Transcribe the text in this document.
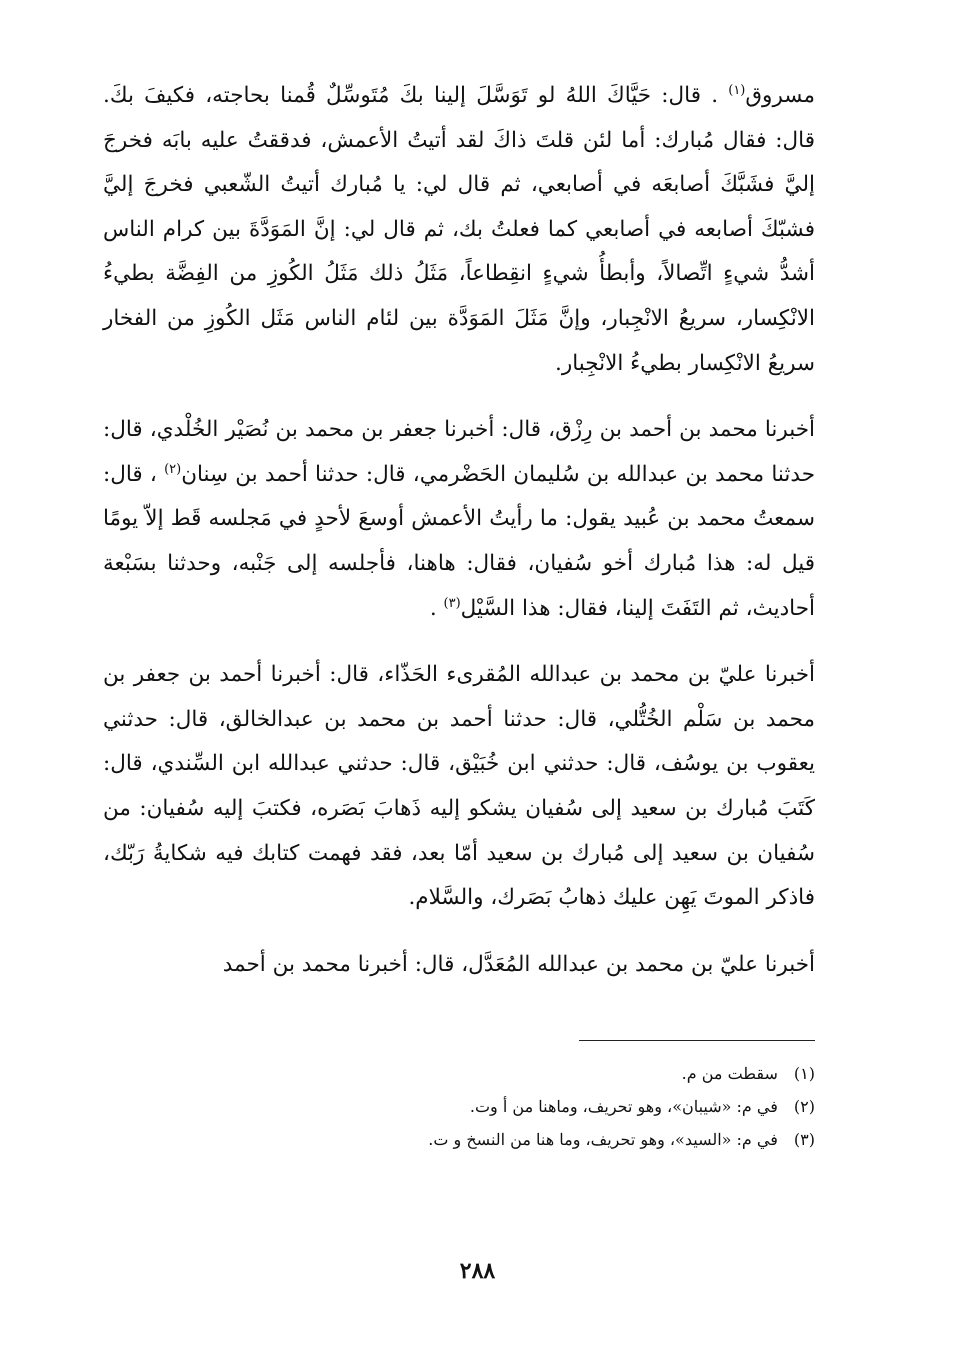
مسروق$^{(١)}$ . قال: حَيَّاكَ اللهُ لو تَوَسَّلَ إلينا بكَ مُتَوسِّلٌ قُمنا بحاجته، فكيفَ بكَ. قال: فقال مُبارك: أما لئن قلتَ ذاكَ لقد أتيتُ الأعمش، فدققتُ عليه بابَه فخرجَ إليَّ فشَبَّكَ أصابعَه في أصابعي، ثم قال لي: يا مُبارك أتيتُ الشّعبي فخرجَ إليَّ فشبّكَ أصابعه في أصابعي كما فعلتُ بك، ثم قال لي: إنَّ المَوَدَّةَ بين كرام الناس أشدُّ شيءٍ اتِّصالاً، وأبطأُ شيءٍ انقِطاعاً، مَثَلُ ذلك مَثَلُ الكُوزِ من الفِضَّة بطيءُ الانْكِسار، سريعُ الانْجِبار، وإنَّ مَثَلَ المَوَدَّة بين لئام الناس مَثَل الكُوزِ من الفخار سريعُ الانْكِسار بطيءُ الانْجِبار.

أخبرنا محمد بن أحمد بن رِزْق، قال: أخبرنا جعفر بن محمد بن نُصَيْر الخُلْدي، قال: حدثنا محمد بن عبدالله بن سُليمان الحَضْرمي، قال: حدثنا أحمد بن سِنان$^{(٢)}$ ، قال: سمعتُ محمد بن عُبيد يقول: ما رأيتُ الأعمش أوسعَ لأحدٍ في مَجلسه قَط إلاّ يومًا قيل له: هذا مُبارك أخو سُفيان، فقال: هاهنا، فأجلسه إلى جَنْبه، وحدثنا بسَبْعة أحاديث، ثم التَفَتَ إلينا، فقال: هذا السَّيْل$^{(٣)}$ .

أخبرنا عليّ بن محمد بن عبدالله المُقرىء الحَذّاء، قال: أخبرنا أحمد بن جعفر بن محمد بن سَلْم الخُتُّلي، قال: حدثنا أحمد بن محمد بن عبدالخالق، قال: حدثني يعقوب بن يوسُف، قال: حدثني ابن خُبَيْق، قال: حدثني عبدالله ابن السِّندي، قال: كَتَبَ مُبارك بن سعيد إلى سُفيان يشكو إليه ذَهابَ بَصَره، فكتبَ إليه سُفيان: من سُفيان بن سعيد إلى مُبارك بن سعيد أمّا بعد، فقد فهمت كتابك فيه شكايةُ رَبّك، فاذكر الموتَ يَهِن عليك ذهابُ بَصَرك، والسَّلام.

أخبرنا عليّ بن محمد بن عبدالله المُعَدَّل، قال: أخبرنا محمد بن أحمد

(١)
سقطت من م.
(٢)
في م: «شيبان»، وهو تحريف، وماهنا من أ وت.
(٣)
في م: «السيد»، وهو تحريف، وما هنا من النسخ و ت.
٢٨٨
